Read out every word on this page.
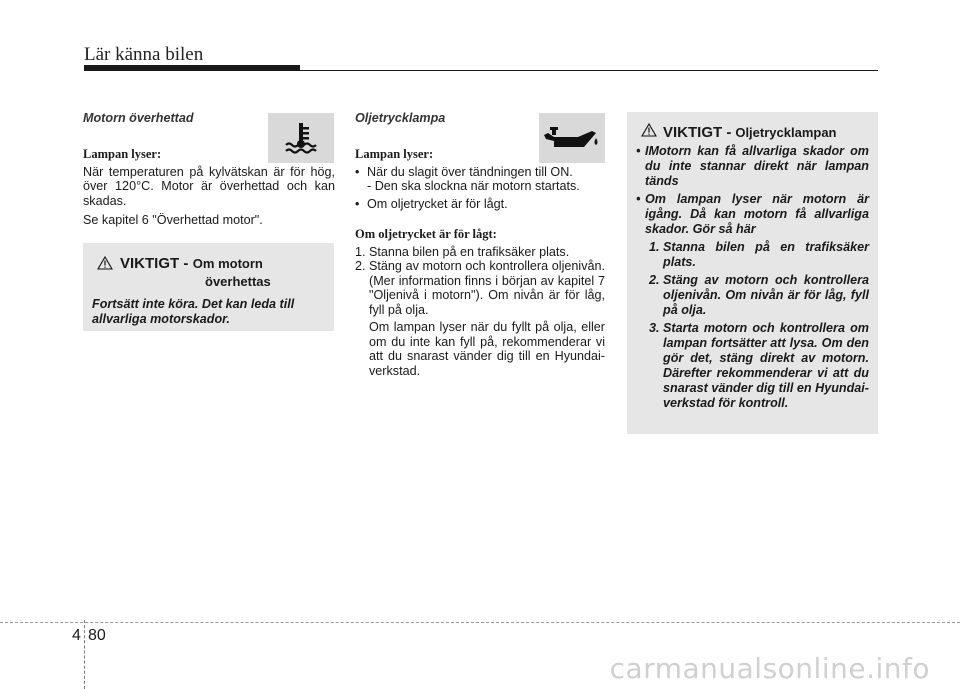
Lär känna bilen
Motorn överhettad
Lampan lyser:

När temperaturen på kylvätskan är för hög, över 120°C. Motor är överhettad och kan skadas.

Se kapitel 6 "Överhettad motor".

VIKTIGT - Om motorn
överhettas
Fortsätt inte köra. Det kan leda till allvarliga motorskador.
Oljetrycklampa
Lampan lyser:
• När du slagit över tändningen till ON.
- Den ska slockna när motorn startats.
• Om oljetrycket är för lågt.
Om oljetrycket är för lågt:
1. Stanna bilen på en trafiksäker plats.
2. Stäng av motorn och kontrollera oljenivån. (Mer information finns i början av kapitel 7 "Oljenivå i motorn"). Om nivån är för låg, fyll på olja.
Om lampan lyser när du fyllt på olja, eller om du inte kan fyll på, rekommenderar vi att du snarast vänder dig till en Hyundai-verkstad.
VIKTIGT - Oljetrycklampan
• IMotorn kan få allvarliga skador om du inte stannar direkt när lampan tänds
• Om lampan lyser när motorn är igång. Då kan motorn få allvarliga skador. Gör så här
1. Stanna bilen på en trafiksäker plats.
2. Stäng av motorn och kontrollera oljenivån. Om nivån är för låg, fyll på olja.
3. Starta motorn och kontrollera om lampan fortsätter att lysa. Om den gör det, stäng direkt av motorn. Därefter rekommenderar vi att du snarast vänder dig till en Hyundai-verkstad för kontroll.
4 80
carmanualsonline.info
